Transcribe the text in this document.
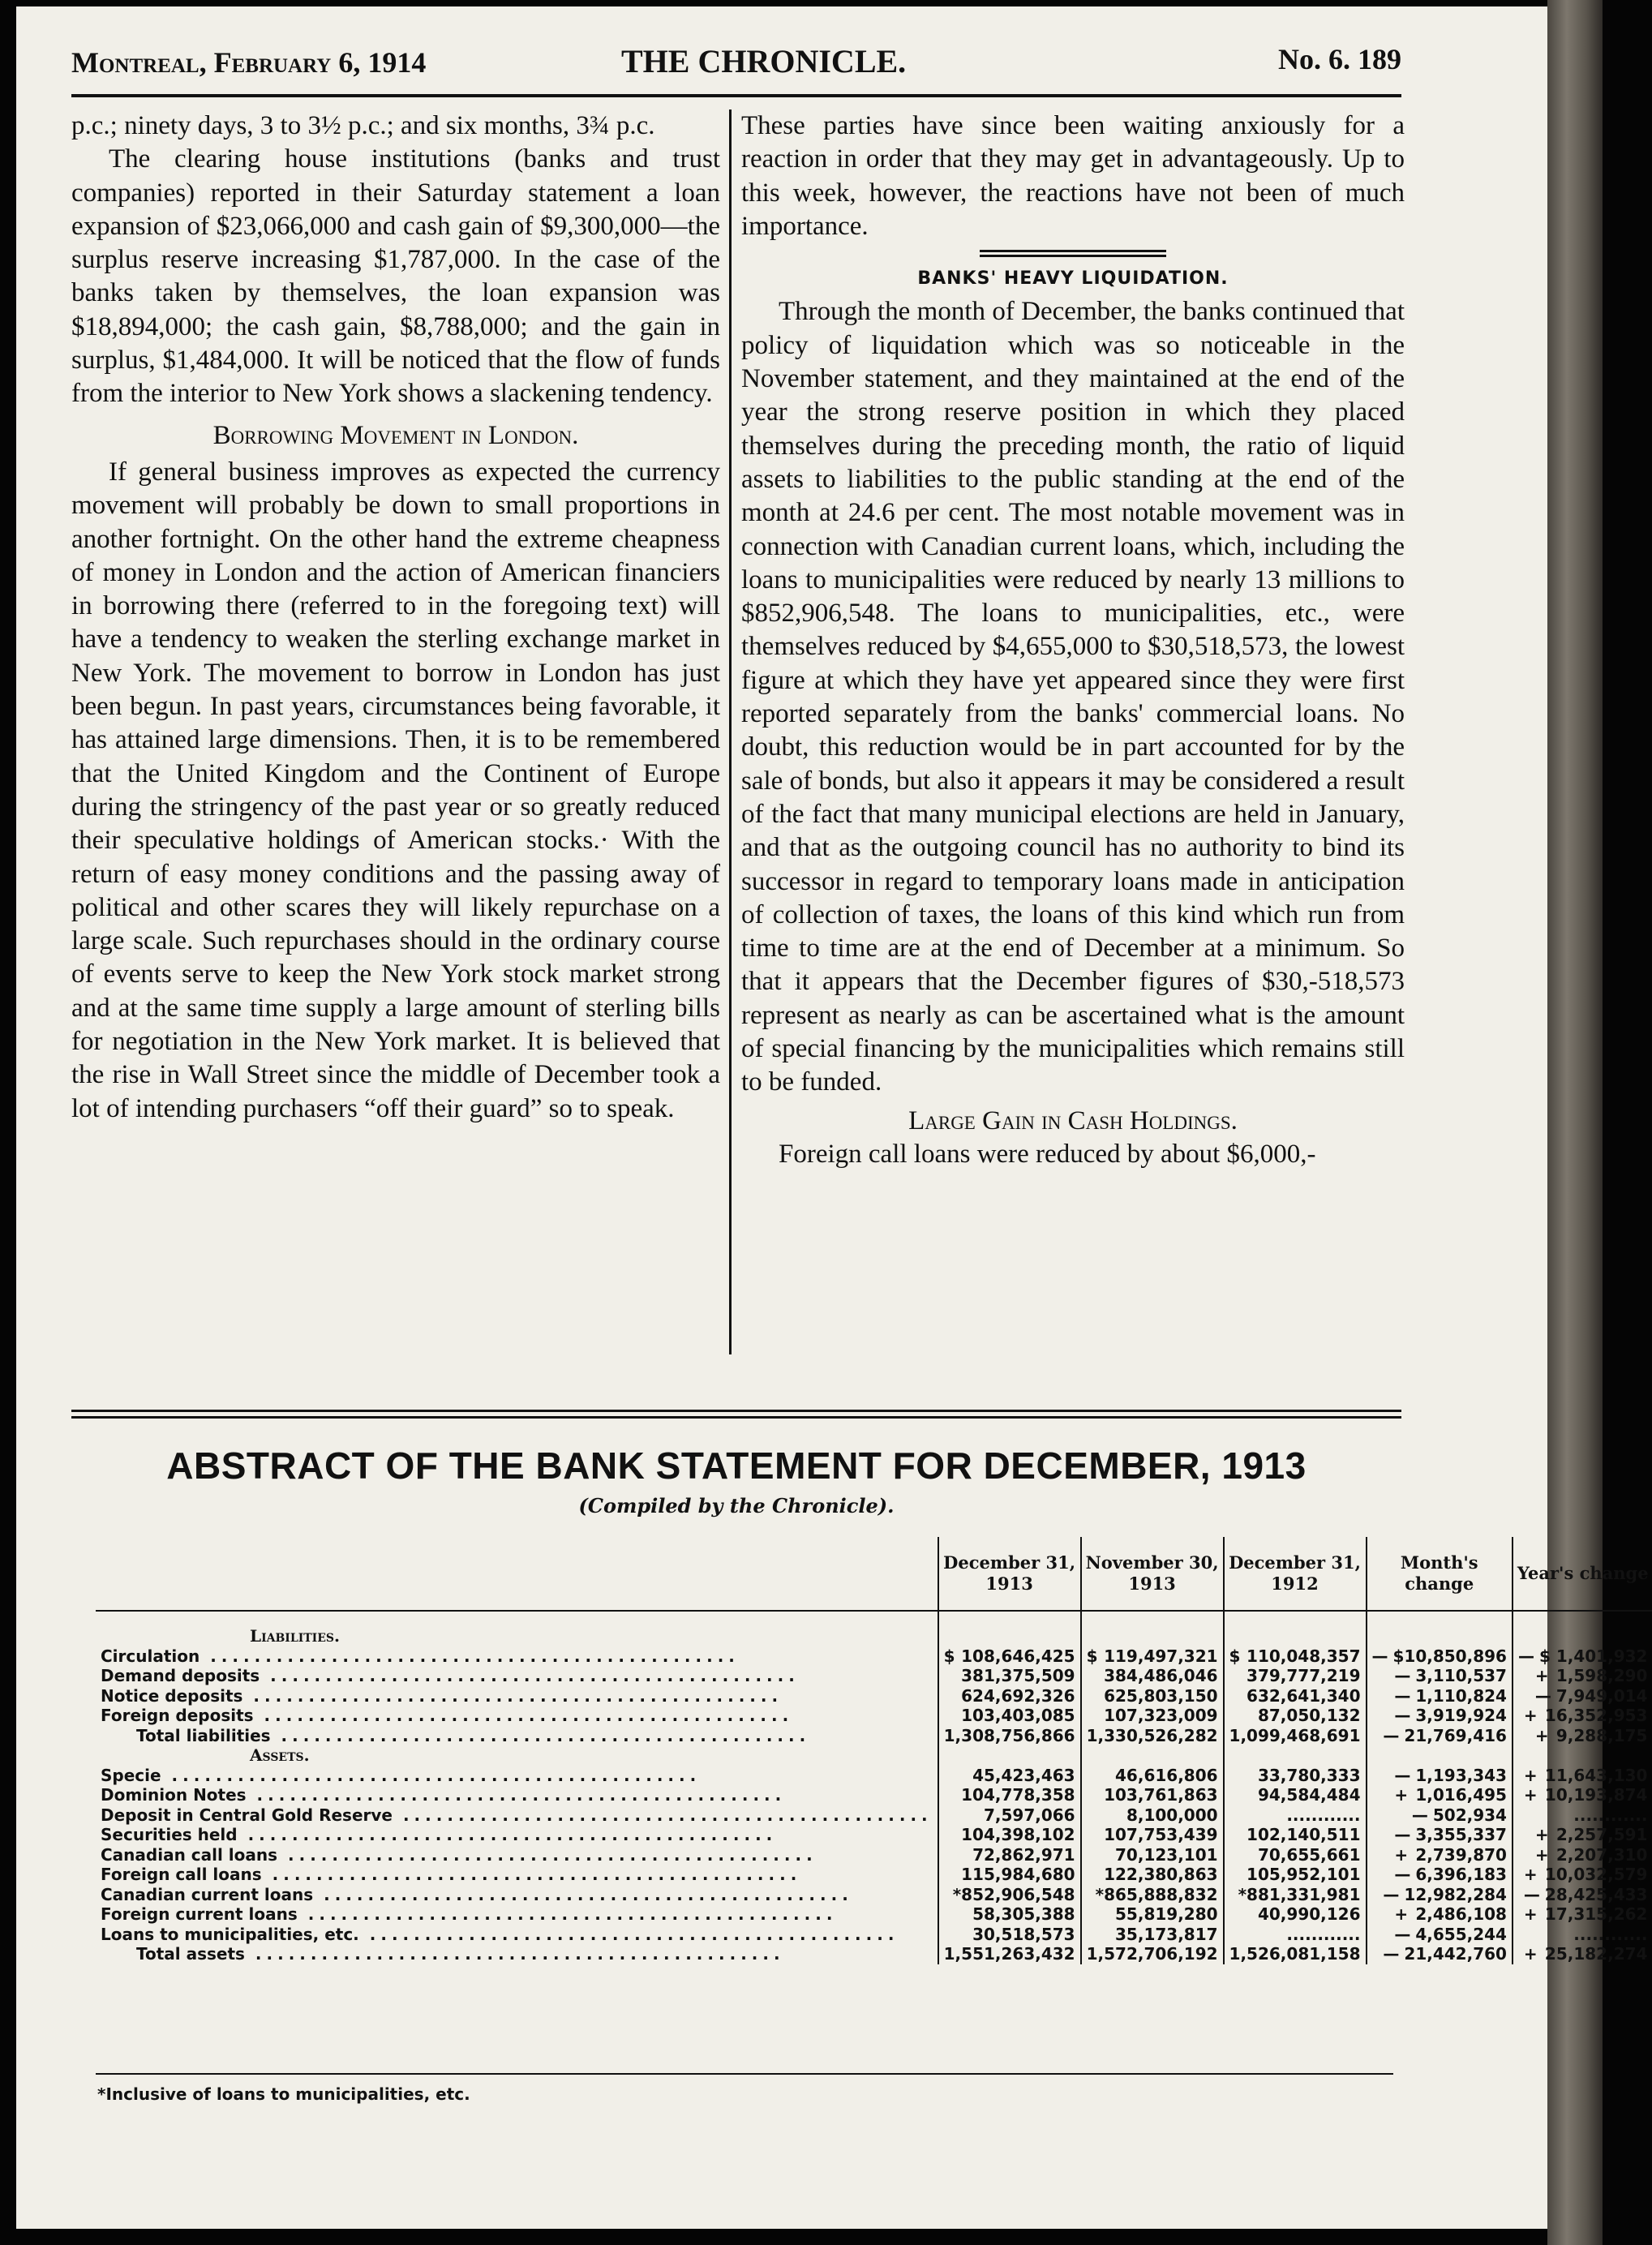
Montreal, February 6, 1914	THE CHRONICLE.	No. 6. 189

p.c.; ninety days, 3 to 3½ p.c.; and six months, 3¾ p.c.

The clearing house institutions (banks and trust companies) reported in their Saturday statement a loan expansion of $23,066,000 and cash gain of $9,300,000—the surplus reserve increasing $1,787,000. In the case of the banks taken by themselves, the loan expansion was $18,894,000; the cash gain, $8,788,000; and the gain in surplus, $1,484,000. It will be noticed that the flow of funds from the interior to New York shows a slackening tendency.

Borrowing Movement in London.

If general business improves as expected the currency movement will probably be down to small proportions in another fortnight. On the other hand the extreme cheapness of money in London and the action of American financiers in borrowing there (referred to in the foregoing text) will have a tendency to weaken the sterling exchange market in New York. The movement to borrow in London has just been begun. In past years, circumstances being favorable, it has attained large dimensions. Then, it is to be remembered that the United Kingdom and the Continent of Europe during the stringency of the past year or so greatly reduced their speculative holdings of American stocks.· With the return of easy money conditions and the passing away of political and other scares they will likely repurchase on a large scale. Such repurchases should in the ordinary course of events serve to keep the New York stock market strong and at the same time supply a large amount of sterling bills for negotiation in the New York market. It is believed that the rise in Wall Street since the middle of December took a lot of intending purchasers “off their guard” so to speak.

These parties have since been waiting anxiously for a reaction in order that they may get in advantageously. Up to this week, however, the reactions have not been of much importance.

BANKS' HEAVY LIQUIDATION.

Through the month of December, the banks continued that policy of liquidation which was so noticeable in the November statement, and they maintained at the end of the year the strong reserve position in which they placed themselves during the preceding month, the ratio of liquid assets to liabilities to the public standing at the end of the month at 24.6 per cent. The most notable movement was in connection with Canadian current loans, which, including the loans to municipalities were reduced by nearly 13 millions to $852,906,548. The loans to municipalities, etc., were themselves reduced by $4,655,000 to $30,518,573, the lowest figure at which they have yet appeared since they were first reported separately from the banks' commercial loans. No doubt, this reduction would be in part accounted for by the sale of bonds, but also it appears it may be considered a result of the fact that many municipal elections are held in January, and that as the outgoing council has no authority to bind its successor in regard to temporary loans made in anticipation of collection of taxes, the loans of this kind which run from time to time are at the end of December at a minimum. So that it appears that the December figures of $30,-518,573 represent as nearly as can be ascertained what is the amount of special financing by the municipalities which remains still to be funded.

Large Gain in Cash Holdings.

Foreign call loans were reduced by about $6,000,-

ABSTRACT OF THE BANK STATEMENT FOR DECEMBER, 1913
(Compiled by the Chronicle).
	December 31, 1913	November 30, 1913	December 31, 1912	Month's change	Year's change

Liabilities.					
Circulation ................................................	$ 108,646,425	$ 119,497,321	$ 110,048,357	— $10,850,896	— $ 1,401,932
Demand deposits ................................................	381,375,509	384,486,046	379,777,219	— 3,110,537	+ 1,598,290
Notice deposits ................................................	624,692,326	625,803,150	632,641,340	— 1,110,824	— 7,949,014
Foreign deposits ................................................	103,403,085	107,323,009	87,050,132	— 3,919,924	+ 16,352,953
Total liabilities ................................................	1,308,756,866	1,330,526,282	1,099,468,691	— 21,769,416	+ 9,288,175
Assets.					
Specie ................................................	45,423,463	46,616,806	33,780,333	— 1,193,343	+ 11,643,130
Dominion Notes ................................................	104,778,358	103,761,863	94,584,484	+ 1,016,495	+ 10,193,874
Deposit in Central Gold Reserve ................................................	7,597,066	8,100,000	............	— 502,934	............
Securities held ................................................	104,398,102	107,753,439	102,140,511	— 3,355,337	+ 2,257,591
Canadian call loans ................................................	72,862,971	70,123,101	70,655,661	+ 2,739,870	+ 2,207,310
Foreign call loans ................................................	115,984,680	122,380,863	105,952,101	— 6,396,183	+ 10,032,579
Canadian current loans ................................................	*852,906,548	*865,888,832	*881,331,981	— 12,982,284	— 28,425,433
Foreign current loans ................................................	58,305,388	55,819,280	40,990,126	+ 2,486,108	+ 17,315,262
Loans to municipalities, etc. ................................................	30,518,573	35,173,817	............	— 4,655,244	............
Total assets ................................................	1,551,263,432	1,572,706,192	1,526,081,158	— 21,442,760	+ 25,182,274
*Inclusive of loans to municipalities, etc.
